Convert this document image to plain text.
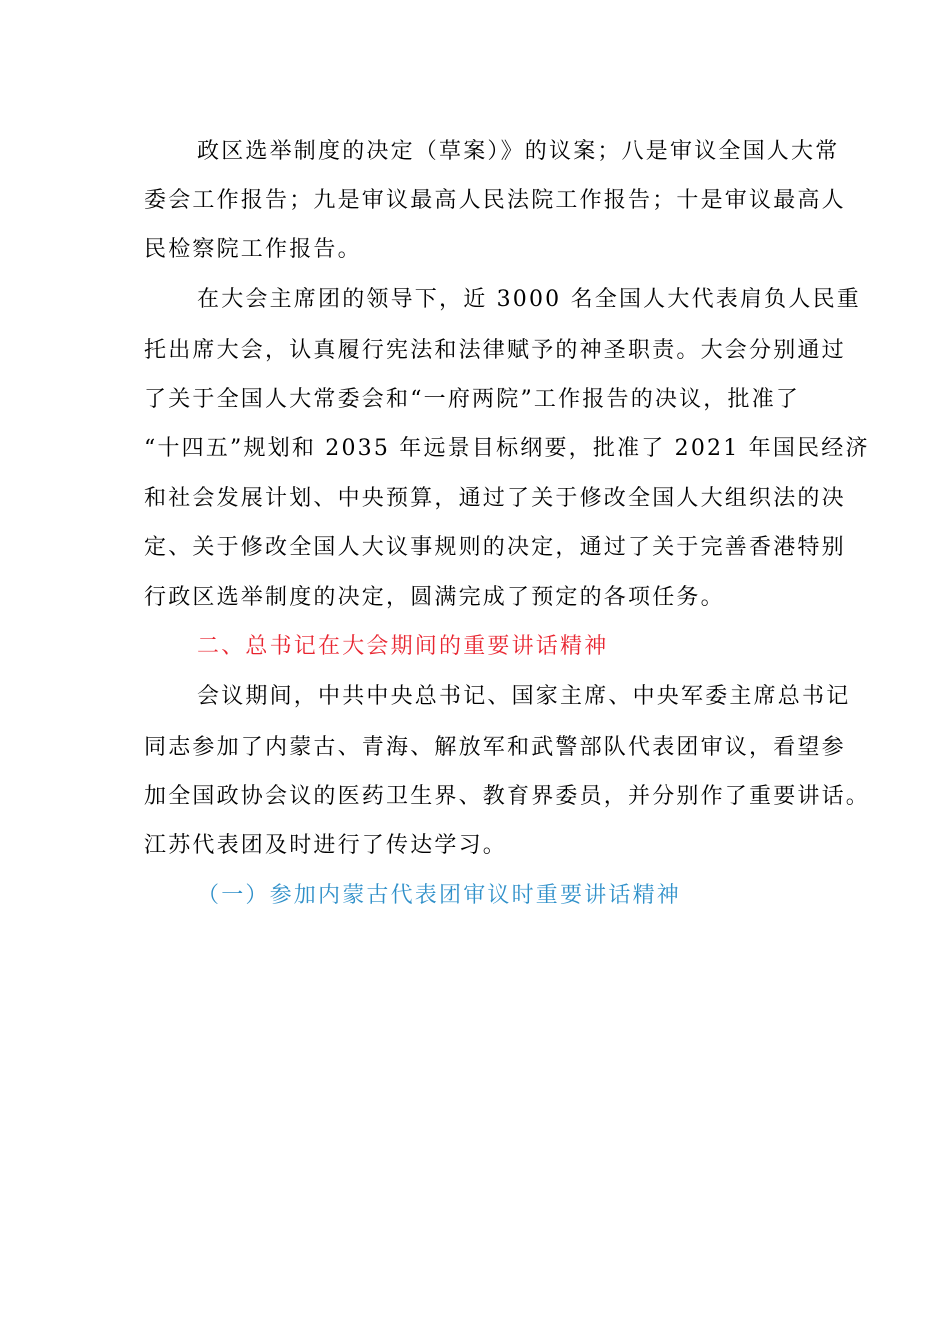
政区选举制度的决定（草案）》的议案；八是审议全国人大常
委会工作报告；九是审议最高人民法院工作报告；十是审议最高人
民检察院工作报告。
在大会主席团的领导下，近 3000 名全国人大代表肩负人民重
托出席大会，认真履行宪法和法律赋予的神圣职责。大会分别通过
了关于全国人大常委会和“一府两院”工作报告的决议，批准了
“十四五”规划和 2035 年远景目标纲要，批准了 2021 年国民经济
和社会发展计划、中央预算，通过了关于修改全国人大组织法的决
定、关于修改全国人大议事规则的决定，通过了关于完善香港特别
行政区选举制度的决定，圆满完成了预定的各项任务。
二、总书记在大会期间的重要讲话精神
会议期间，中共中央总书记、国家主席、中央军委主席总书记
同志参加了内蒙古、青海、解放军和武警部队代表团审议，看望参
加全国政协会议的医药卫生界、教育界委员，并分别作了重要讲话。
江苏代表团及时进行了传达学习。
（一）参加内蒙古代表团审议时重要讲话精神
